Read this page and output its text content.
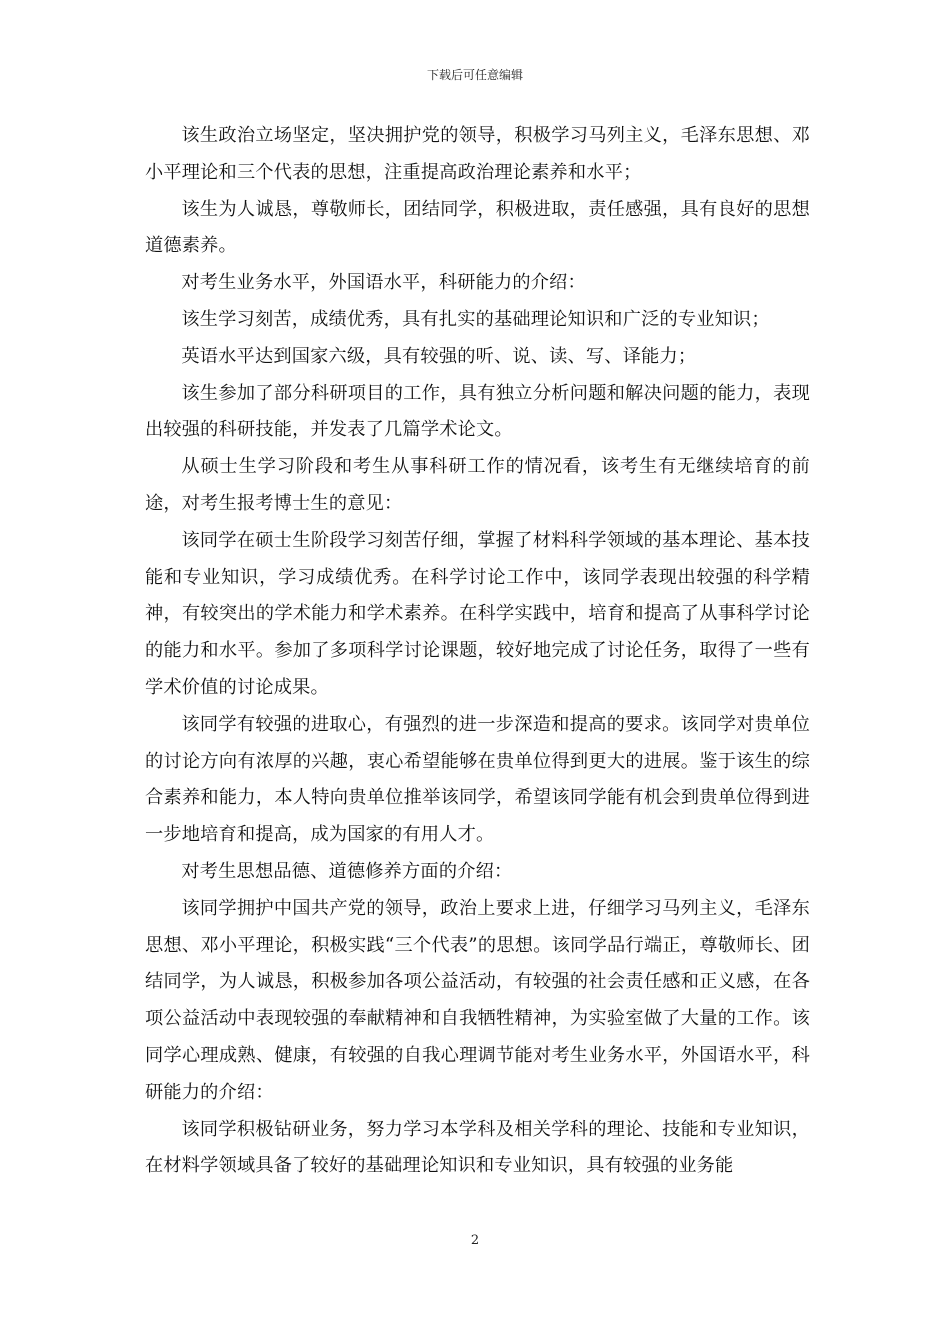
下载后可任意编辑

该生政治立场坚定，坚决拥护党的领导，积极学习马列主义，毛泽东思想、邓小平理论和三个代表的思想，注重提高政治理论素养和水平；

该生为人诚恳，尊敬师长，团结同学，积极进取，责任感强，具有良好的思想道德素养。

对考生业务水平，外国语水平，科研能力的介绍：

该生学习刻苦，成绩优秀，具有扎实的基础理论知识和广泛的专业知识；

英语水平达到国家六级，具有较强的听、说、读、写、译能力；

该生参加了部分科研项目的工作，具有独立分析问题和解决问题的能力，表现出较强的科研技能，并发表了几篇学术论文。

从硕士生学习阶段和考生从事科研工作的情况看，该考生有无继续培育的前途，对考生报考博士生的意见：

该同学在硕士生阶段学习刻苦仔细，掌握了材料科学领域的基本理论、基本技能和专业知识，学习成绩优秀。在科学讨论工作中，该同学表现出较强的科学精神，有较突出的学术能力和学术素养。在科学实践中，培育和提高了从事科学讨论的能力和水平。参加了多项科学讨论课题，较好地完成了讨论任务，取得了一些有学术价值的讨论成果。

该同学有较强的进取心，有强烈的进一步深造和提高的要求。该同学对贵单位的讨论方向有浓厚的兴趣，衷心希望能够在贵单位得到更大的进展。鉴于该生的综合素养和能力，本人特向贵单位推举该同学，希望该同学能有机会到贵单位得到进一步地培育和提高，成为国家的有用人才。

对考生思想品德、道德修养方面的介绍：

该同学拥护中国共产党的领导，政治上要求上进，仔细学习马列主义，毛泽东思想、邓小平理论，积极实践“三个代表”的思想。该同学品行端正，尊敬师长、团结同学，为人诚恳，积极参加各项公益活动，有较强的社会责任感和正义感，在各项公益活动中表现较强的奉献精神和自我牺牲精神，为实验室做了大量的工作。该同学心理成熟、健康，有较强的自我心理调节能对考生业务水平，外国语水平，科研能力的介绍：

该同学积极钻研业务，努力学习本学科及相关学科的理论、技能和专业知识，在材料学领域具备了较好的基础理论知识和专业知识，具有较强的业务能

2
